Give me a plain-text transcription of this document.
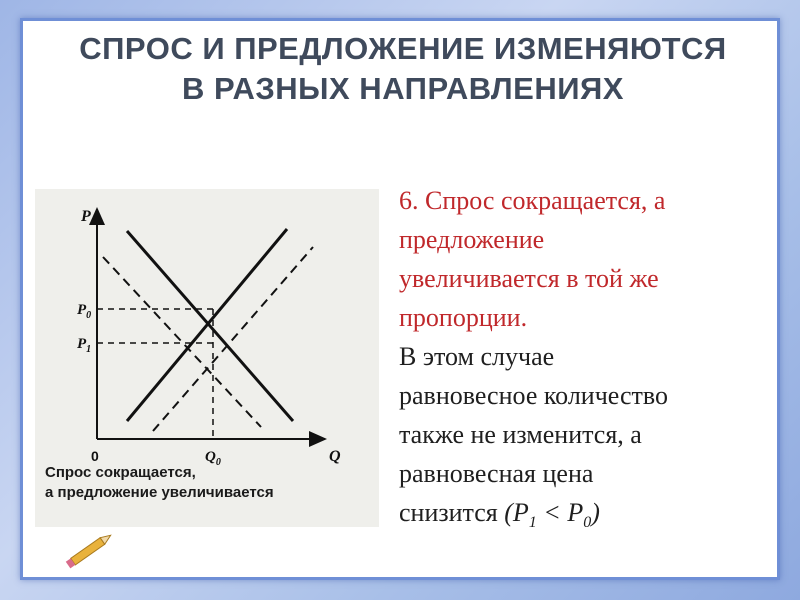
СПРОС И ПРЕДЛОЖЕНИЕ ИЗМЕНЯЮТСЯ
В РАЗНЫХ НАПРАВЛЕНИЯХ
P
Q
0
$P_0$
$P_1$
$Q_0$
Спрос сокращается,
а предложение увеличивается
6. Спрос сокращается, а
предложение
увеличивается в той же
пропорции.
В этом случае
равновесное количество
также не изменится, а
равновесная цена
снизится $(P_1 < P_0)$
